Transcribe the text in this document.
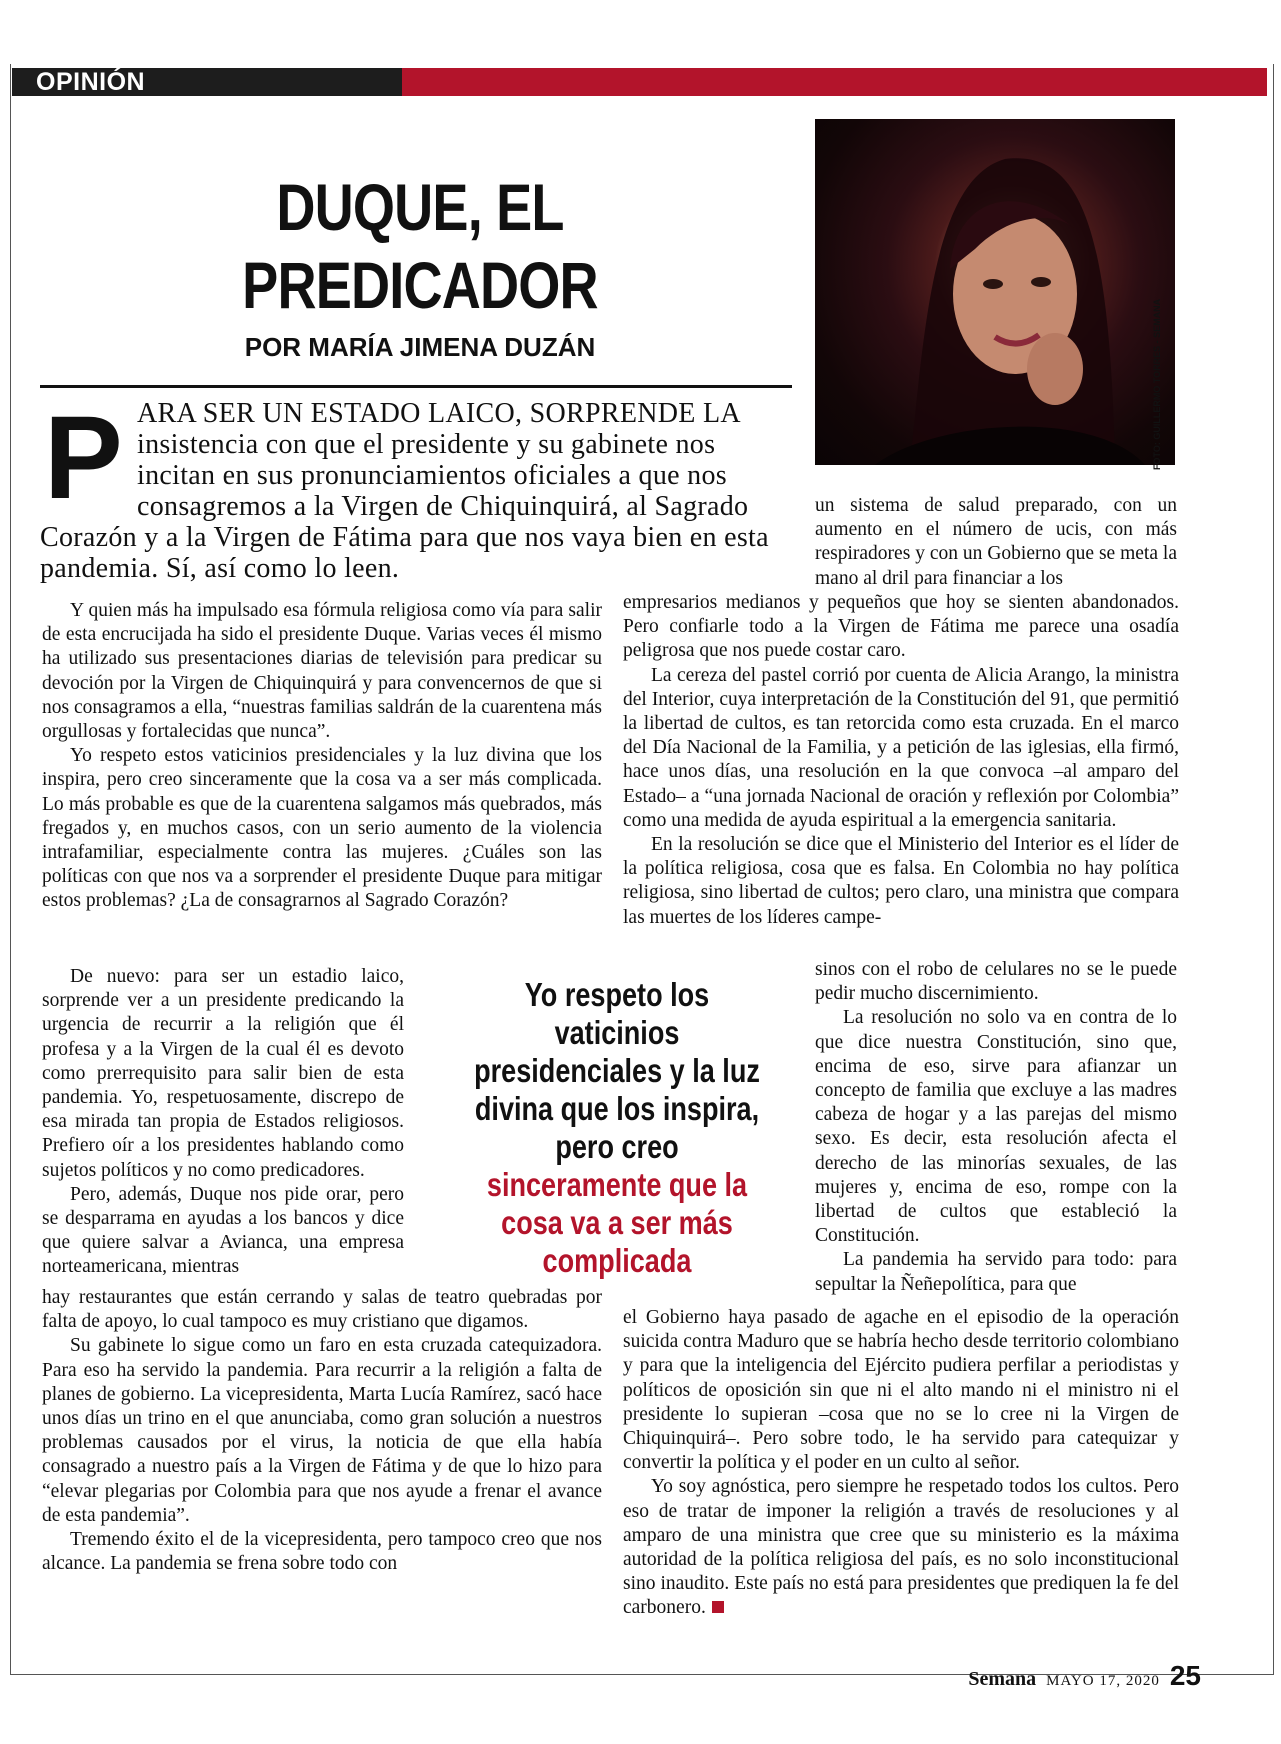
OPINIÓN
DUQUE, EL
PREDICADOR
POR MARÍA JIMENA DUZÁN	FOTO: GUILLERMO TORRES - SEMANA
P ARA SER UN ESTADO LAICO, SORPRENDE LA insistencia con que el presidente y su gabinete nos incitan en sus pronunciamientos oficiales a que nos consagremos a la Virgen de Chiquinquirá, al Sagrado Corazón y a la Virgen de Fátima para que nos vaya bien en esta pandemia. Sí, así como lo leen.

Y quien más ha impulsado esa fórmula religiosa como vía para salir de esta encrucijada ha sido el presidente Duque. Varias veces él mismo ha utilizado sus presentaciones diarias de televisión para predicar su devoción por la Virgen de Chiquinquirá y para convencernos de que si nos consagramos a ella, “nuestras familias saldrán de la cuarentena más orgullosas y fortalecidas que nunca”.

Yo respeto estos vaticinios presidenciales y la luz divina que los inspira, pero creo sinceramente que la cosa va a ser más complicada. Lo más probable es que de la cuarentena salgamos más quebrados, más fregados y, en muchos casos, con un serio aumento de la violencia intrafamiliar, especialmente contra las mujeres. ¿Cuáles son las políticas con que nos va a sorprender el presidente Duque para mitigar estos problemas? ¿La de consagrarnos al Sagrado Corazón?

De nuevo: para ser un estadio laico, sorprende ver a un presidente predicando la urgencia de recurrir a la religión que él profesa y a la Virgen de la cual él es devoto como prerrequisito para salir bien de esta pandemia. Yo, respetuosamente, discrepo de esa mirada tan propia de Estados religiosos. Prefiero oír a los presidentes hablando como sujetos políticos y no como predicadores.

Pero, además, Duque nos pide orar, pero se desparrama en ayudas a los bancos y dice que quiere salvar a Avianca, una empresa norteamericana, mientras

hay restaurantes que están cerrando y salas de teatro quebradas por falta de apoyo, lo cual tampoco es muy cristiano que digamos.

Su gabinete lo sigue como un faro en esta cruzada catequizadora. Para eso ha servido la pandemia. Para recurrir a la religión a falta de planes de gobierno. La vicepresidenta, Marta Lucía Ramírez, sacó hace unos días un trino en el que anunciaba, como gran solución a nuestros problemas causados por el virus, la noticia de que ella había consagrado a nuestro país a la Virgen de Fátima y de que lo hizo para “elevar plegarias por Colombia para que nos ayude a frenar el avance de esta pandemia”.

Tremendo éxito el de la vicepresidenta, pero tampoco creo que nos alcance. La pandemia se frena sobre todo con

un sistema de salud preparado, con un aumento en el número de ucis, con más respiradores y con un Gobierno que se meta la mano al dril para financiar a los

empresarios medianos y pequeños que hoy se sienten abandonados. Pero confiarle todo a la Virgen de Fátima me parece una osadía peligrosa que nos puede costar caro.

La cereza del pastel corrió por cuenta de Alicia Arango, la ministra del Interior, cuya interpretación de la Constitución del 91, que permitió la libertad de cultos, es tan retorcida como esta cruzada. En el marco del Día Nacional de la Familia, y a petición de las iglesias, ella firmó, hace unos días, una resolución en la que convoca –al amparo del Estado– a “una jornada Nacional de oración y reflexión por Colombia” como una medida de ayuda espiritual a la emergencia sanitaria.

En la resolución se dice que el Ministerio del Interior es el líder de la política religiosa, cosa que es falsa. En Colombia no hay política religiosa, sino libertad de cultos; pero claro, una ministra que compara las muertes de los líderes campe-

sinos con el robo de celulares no se le puede pedir mucho discernimiento.

La resolución no solo va en contra de lo que dice nuestra Constitución, sino que, encima de eso, sirve para afianzar un concepto de familia que excluye a las madres cabeza de hogar y a las parejas del mismo sexo. Es decir, esta resolución afecta el derecho de las minorías sexuales, de las mujeres y, encima de eso, rompe con la libertad de cultos que estableció la Constitución.

La pandemia ha servido para todo: para sepultar la Ñeñepolítica, para que

el Gobierno haya pasado de agache en el episodio de la operación suicida contra Maduro que se habría hecho desde territorio colombiano y para que la inteligencia del Ejército pudiera perfilar a periodistas y políticos de oposición sin que ni el alto mando ni el ministro ni el presidente lo supieran –cosa que no se lo cree ni la Virgen de Chiquinquirá–. Pero sobre todo, le ha servido para catequizar y convertir la política y el poder en un culto al señor.

Yo soy agnóstica, pero siempre he respetado todos los cultos. Pero eso de tratar de imponer la religión a través de resoluciones y al amparo de una ministra que cree que su ministerio es la máxima autoridad de la política religiosa del país, es no solo inconstitucional sino inaudito. Este país no está para presidentes que prediquen la fe del carbonero.

Yo respeto los vaticinios presidenciales y la luz divina que los inspira, pero creo sinceramente que la cosa va a ser más complicada
Semana MAYO 17, 2020 25
